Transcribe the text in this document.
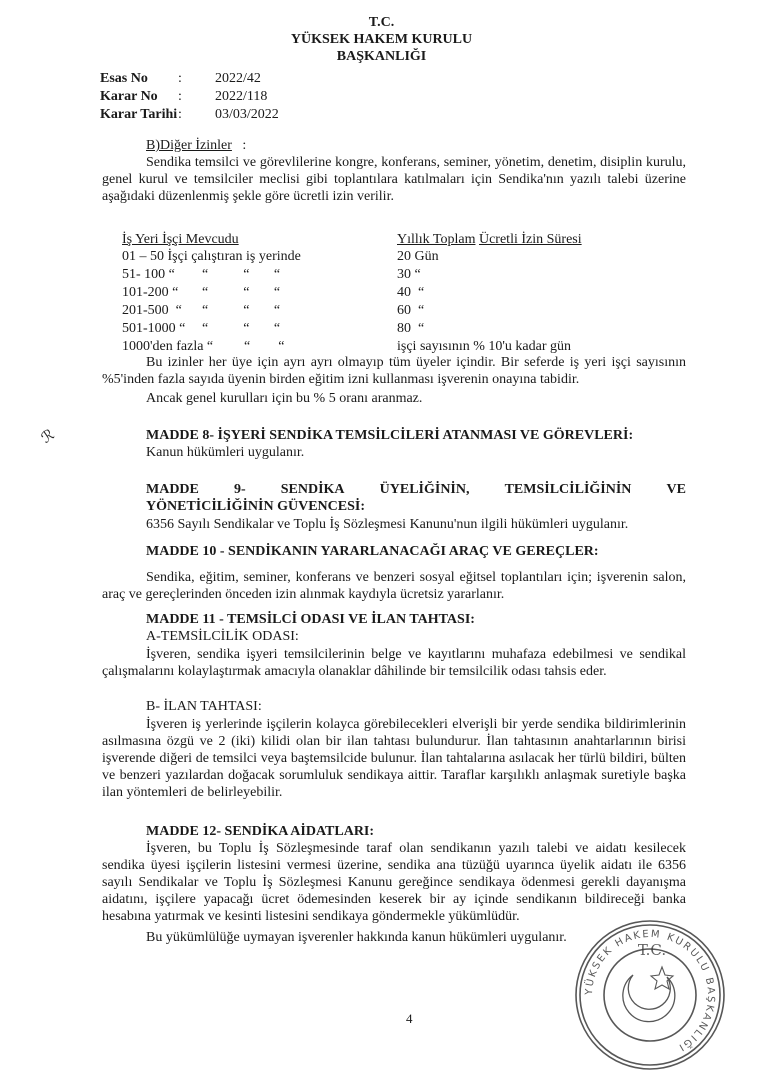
T.C.
YÜKSEK HAKEM KURULU
BAŞKANLIĞI
Esas No : 2022/42
Karar No : 2022/118
Karar Tarihi : 03/03/2022
B)Diğer İzinler   :
Sendika temsilci ve görevlilerine kongre, konferans, seminer, yönetim, denetim, disiplin kurulu, genel kurul ve temsilciler meclisi gibi toplantılara katılmaları için Sendika'nın yazılı talebi üzerine aşağıdaki düzenlenmiş şekle göre ücretli izin verilir.
İş Yeri İşçi Mevcudu	Yıllık Toplam Ücretli İzin Süresi
01 – 50 İşçi çalıştıran iş yerinde	20 Gün
51- 100 “ “          “       “	30 “
101-200 “ “          “       “	40  “
201-500  “ “          “       “	60  “
501-1000 “ “          “       “	80  “
1000'den fazla “ “        “	işçi sayısının % 10'u kadar gün
Bu izinler her üye için ayrı ayrı olmayıp tüm üyeler içindir. Bir seferde iş yeri işçi sayısının %5'inden fazla sayıda üyenin birden eğitim izni kullanması işverenin onayına tabidir.
Ancak genel kurulları için bu % 5 oranı aranmaz.
ℛ	MADDE 8- İŞYERİ SENDİKA TEMSİLCİLERİ ATANMASI VE GÖREVLERİ:
Kanun hükümleri uygulanır.
MADDE	9-	SENDİKA	ÜYELİĞİNİN,	TEMSİLCİLİĞİNİN	VE
YÖNETİCİLİĞİNİN GÜVENCESİ:
6356 Sayılı Sendikalar ve Toplu İş Sözleşmesi Kanunu'nun ilgili hükümleri uygulanır.
MADDE 10 - SENDİKANIN YARARLANACAĞI ARAÇ VE GEREÇLER:
Sendika, eğitim, seminer, konferans ve benzeri sosyal eğitsel toplantıları için; işverenin salon, araç ve gereçlerinden önceden izin alınmak kaydıyla ücretsiz yararlanır.
MADDE 11 - TEMSİLCİ ODASI VE İLAN TAHTASI:
A-TEMSİLCİLİK ODASI:
İşveren, sendika işyeri temsilcilerinin belge ve kayıtlarını muhafaza edebilmesi ve sendikal çalışmalarını kolaylaştırmak amacıyla olanaklar dâhilinde bir temsilcilik odası tahsis eder.
B- İLAN TAHTASI:
İşveren iş yerlerinde işçilerin kolayca görebilecekleri elverişli bir yerde sendika bildirimlerinin asılmasına özgü ve 2 (iki) kilidi olan bir ilan tahtası bulundurur. İlan tahtasının anahtarlarının birisi işverende diğeri de temsilci veya baştemsilcide bulunur. İlan tahtalarına asılacak her türlü bildiri, bülten ve benzeri yazılardan doğacak sorumluluk sendikaya aittir. Taraflar karşılıklı anlaşmak suretiyle başka ilan yöntemleri de belirleyebilir.
MADDE 12- SENDİKA AİDATLARI:
İşveren, bu Toplu İş Sözleşmesinde taraf olan sendikanın yazılı talebi ve aidatı kesilecek sendika üyesi işçilerin listesini vermesi üzerine, sendika ana tüzüğü uyarınca üyelik aidatı ile 6356 sayılı Sendikalar ve Toplu İş Sözleşmesi Kanunu gereğince sendikaya ödenmesi gerekli dayanışma aidatını, işçilere yapacağı ücret ödemesinden keserek bir ay içinde sendikanın bildireceği banka hesabına yatırmak ve kesinti listesini sendikaya göndermekle yükümlüdür.
Bu yükümlülüğe uymayan işverenler hakkında kanun hükümleri uygulanır.
4
YÜKSEK HAKEM KURULU BAŞKANLIĞI
T.C.
